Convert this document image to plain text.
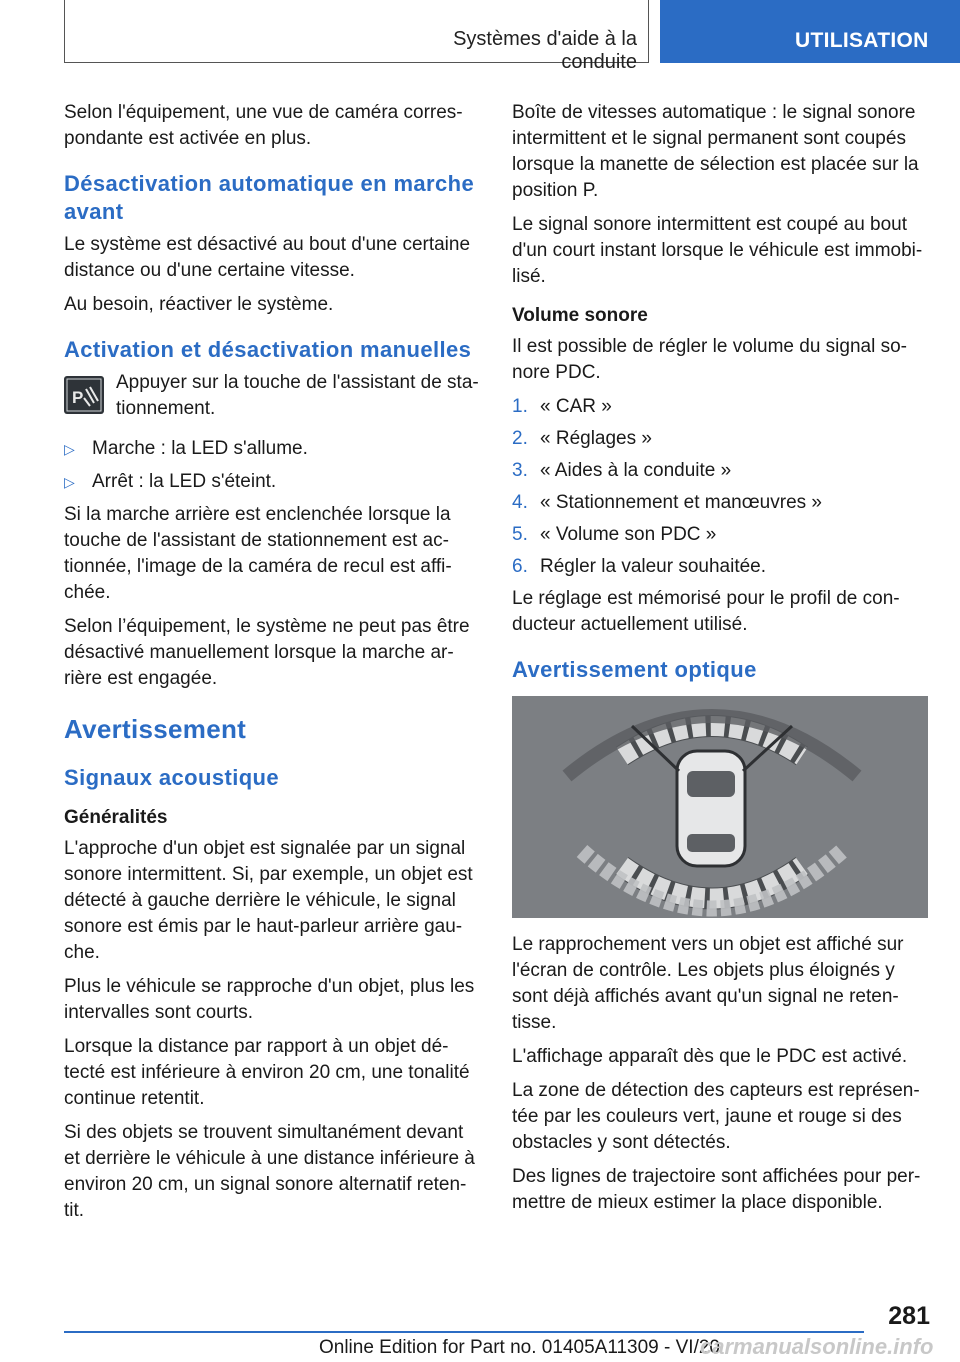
Systèmes d'aide à la conduite
UTILISATION

Selon l'équipement, une vue de caméra corres‐ pondante est activée en plus.

Désactivation automatique en marche avant

Le système est désactivé au bout d'une certaine distance ou d'une certaine vitesse.

Au besoin, réactiver le système.

Activation et désactivation manuelles
P

Appuyer sur la touche de l'assistant de sta‐ tionnement.

▷ Marche : la LED s'allume.
▷ Arrêt : la LED s'éteint.

Si la marche arrière est enclenchée lorsque la touche de l'assistant de stationnement est ac‐ tionnée, l'image de la caméra de recul est affi‐ chée.

Selon l’équipement, le système ne peut pas être désactivé manuellement lorsque la marche ar‐ rière est engagée.

Avertissement
Signaux acoustique
Généralités

L'approche d'un objet est signalée par un signal sonore intermittent. Si, par exemple, un objet est détecté à gauche derrière le véhicule, le signal sonore est émis par le haut-parleur arrière gau‐ che.

Plus le véhicule se rapproche d'un objet, plus les intervalles sont courts.

Lorsque la distance par rapport à un objet dé‐ tecté est inférieure à environ 20 cm, une tonalité continue retentit.

Si des objets se trouvent simultanément devant et derrière le véhicule à une distance inférieure à environ 20 cm, un signal sonore alternatif reten‐ tit.

Boîte de vitesses automatique : le signal sonore intermittent et le signal permanent sont coupés lorsque la manette de sélection est placée sur la position P.

Le signal sonore intermittent est coupé au bout d'un court instant lorsque le véhicule est immobi‐ lisé.

Volume sonore

Il est possible de régler le volume du signal so‐ nore PDC.

1. « CAR »
2. « Réglages »
3. « Aides à la conduite »
4. « Stationnement et manœuvres »
5. « Volume son PDC »
6. Régler la valeur souhaitée.

Le réglage est mémorisé pour le profil de con‐ ducteur actuellement utilisé.

Avertissement optique

Le rapprochement vers un objet est affiché sur l'écran de contrôle. Les objets plus éloignés y sont déjà affichés avant qu'un signal ne reten‐ tisse.

L'affichage apparaît dès que le PDC est activé.

La zone de détection des capteurs est représen‐ tée par les couleurs vert, jaune et rouge si des obstacles y sont détectés.

Des lignes de trajectoire sont affichées pour per‐ mettre de mieux estimer la place disponible.

281
Online Edition for Part no. 01405A11309 - VI/20
carmanualsonline.info
